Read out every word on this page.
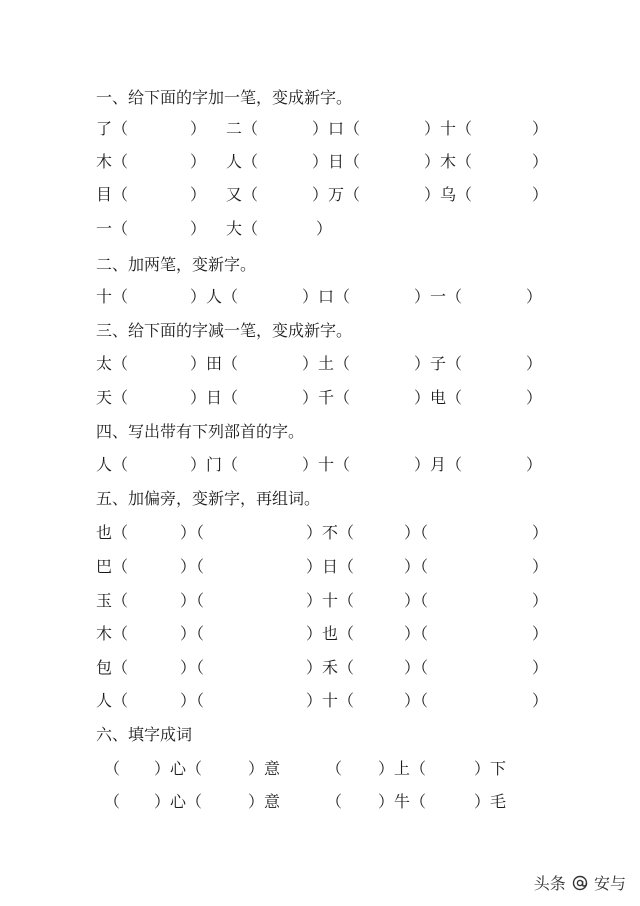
一、给下面的字加一笔，变成新字。
了（	） 二（	）口（	）十（	）
木（	） 人（	）日（	）木（	）
目（	） 又（	）万（	）乌（	）
一（	） 大（	）
二、加两笔，变新字。
十（	）人（	）口（	）一（	）
三、给下面的字减一笔，变成新字。
太（	）田（	）土（	）子（	）
天（	）日（	）千（	）电（	）
四、写出带有下列部首的字。
人（	）门（	）十（	）月（	）
五、加偏旁，变新字，再组词。
也（	）（	）不（	）（	）
巴（	）（	）日（	）（	）
玉（	）（	）十（	）（	）
木（	）（	）也（	）（	）
包（	）（	）禾（	）（	）
人（	）（	）十（	）（	）
六、填字成词
（ ）心（	）意	（ ）上（	）下
（ ）心（	）意	（ ）牛（	）毛
头条 安与
